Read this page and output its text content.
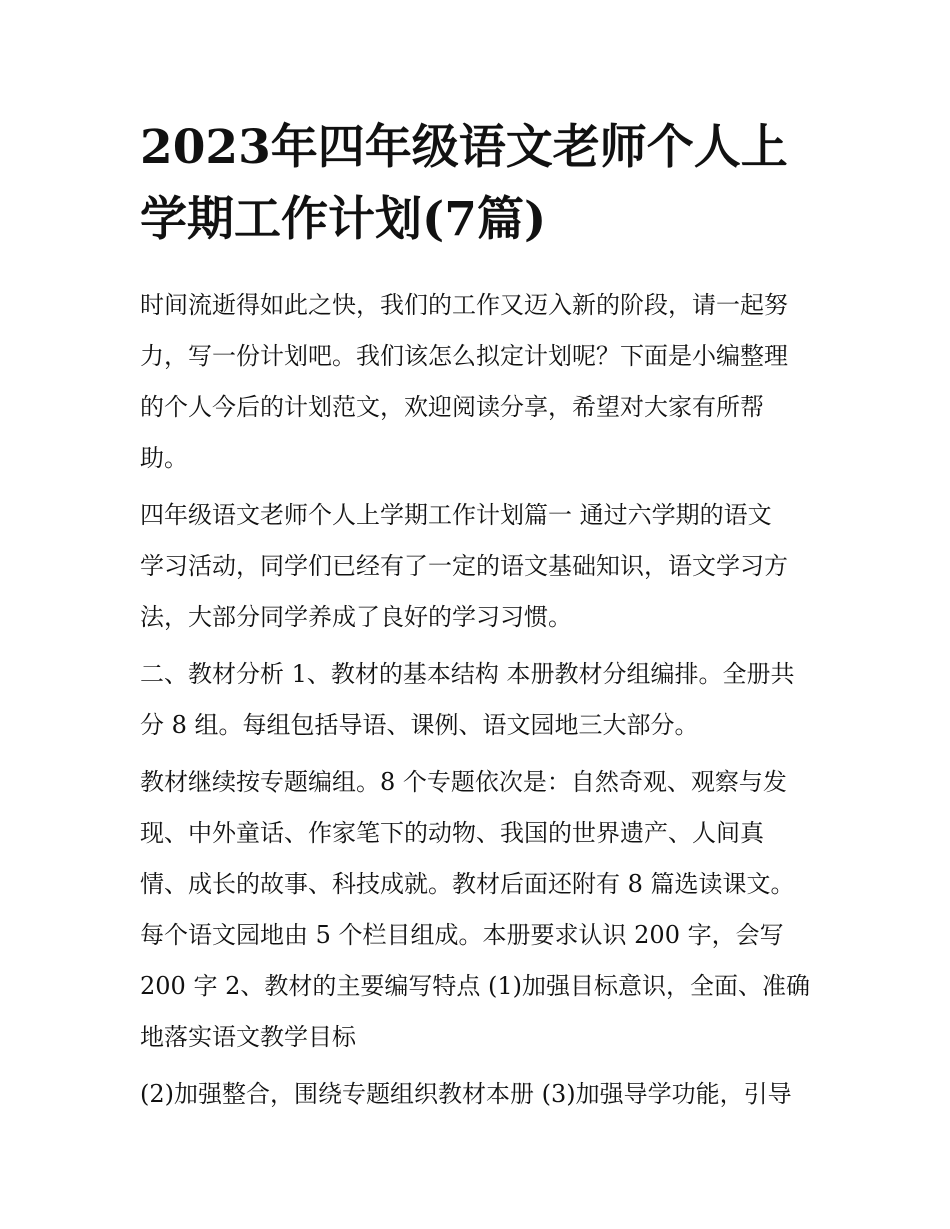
2023年四年级语文老师个人上
学期工作计划(7篇)
时间流逝得如此之快，我们的工作又迈入新的阶段，请一起努
力，写一份计划吧。我们该怎么拟定计划呢？下面是小编整理
的个人今后的计划范文，欢迎阅读分享，希望对大家有所帮
助。
四年级语文老师个人上学期工作计划篇一 通过六学期的语文
学习活动，同学们已经有了一定的语文基础知识，语文学习方
法，大部分同学养成了良好的学习习惯。
二、教材分析 1、教材的基本结构 本册教材分组编排。全册共
分 8 组。每组包括导语、课例、语文园地三大部分。
教材继续按专题编组。8 个专题依次是：自然奇观、观察与发
现、中外童话、作家笔下的动物、我国的世界遗产、人间真
情、成长的故事、科技成就。教材后面还附有 8 篇选读课文。
每个语文园地由 5 个栏目组成。本册要求认识 200 字，会写
200 字 2、教材的主要编写特点 (1)加强目标意识，全面、准确
地落实语文教学目标
(2)加强整合，围绕专题组织教材本册 (3)加强导学功能，引导
